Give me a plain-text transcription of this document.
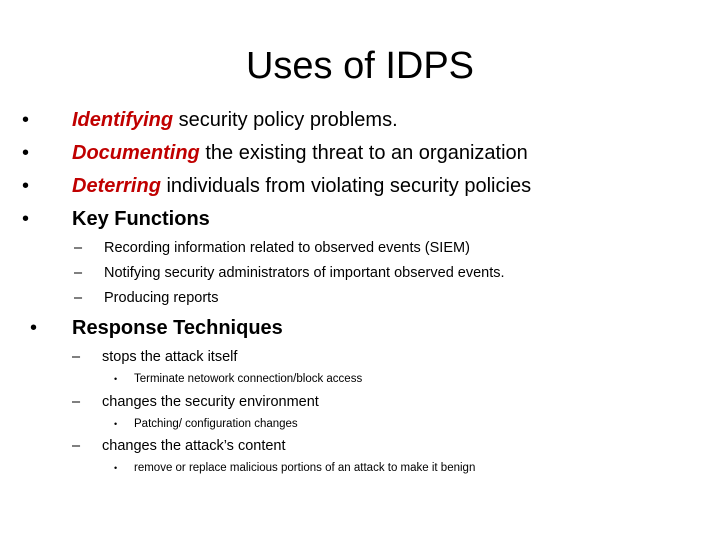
Uses of IDPS
• Identifying security policy problems.
• Documenting the existing threat to an organization
• Deterring individuals from violating security policies
• Key Functions
– Recording information related to observed events (SIEM)
– Notifying security administrators of important observed events.
– Producing reports
• Response Techniques
– stops the attack itself
• Terminate netowork connection/block access
– changes the security environment
• Patching/ configuration changes
– changes the attack’s content
• remove or replace malicious portions of an attack to make it benign
